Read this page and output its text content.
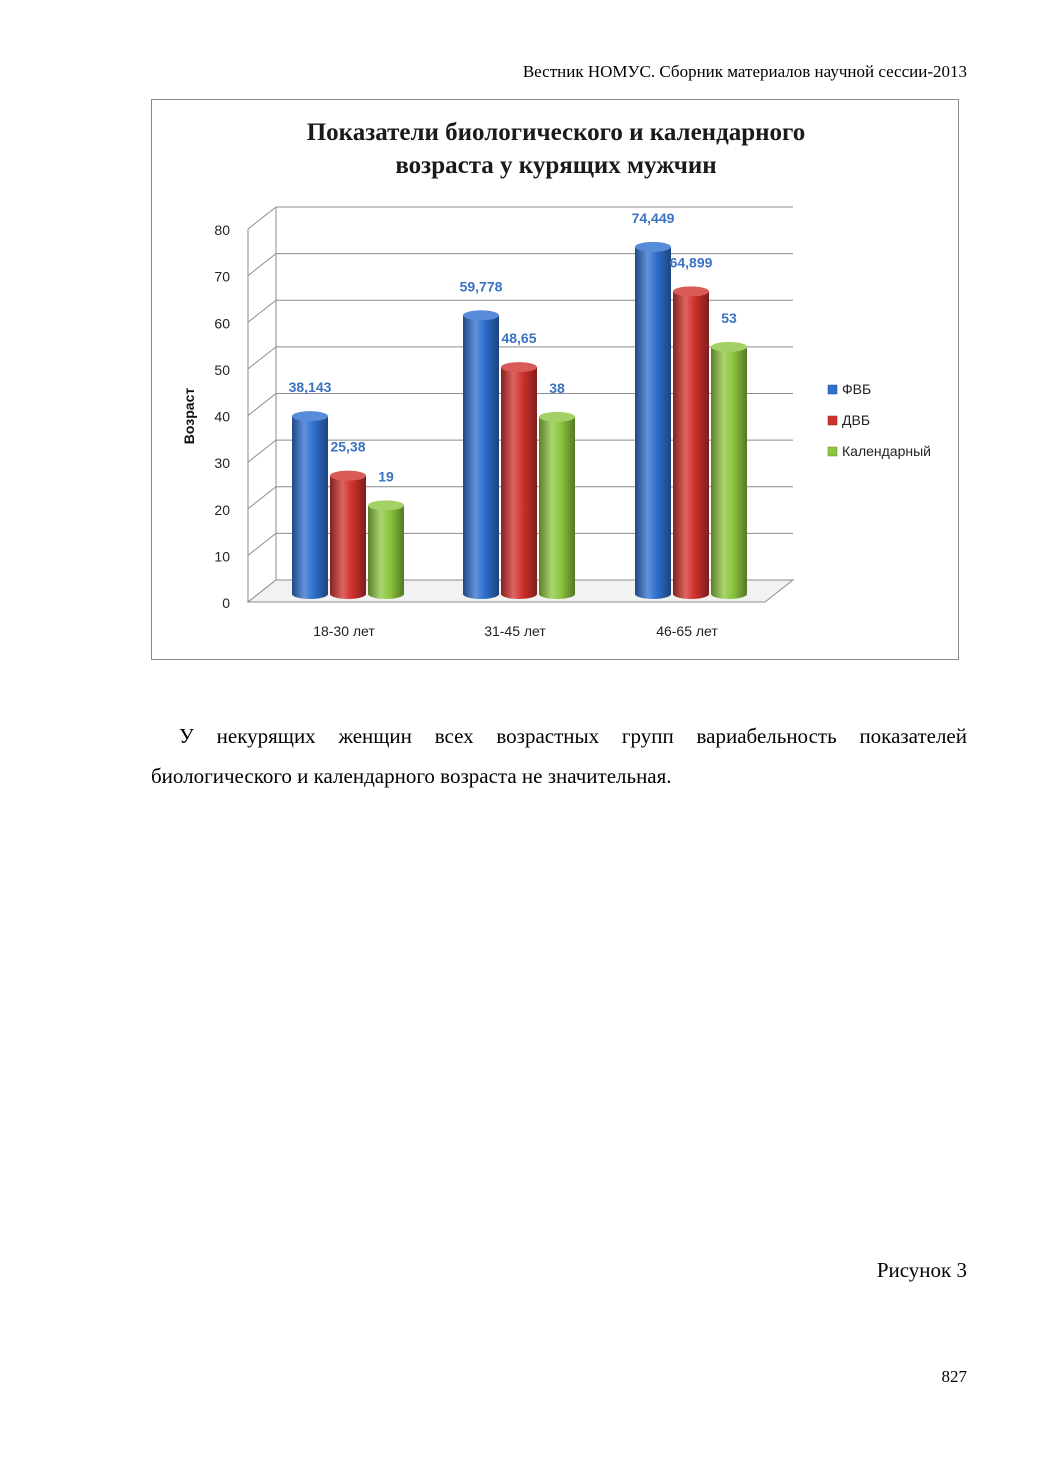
Вестник НОМУС. Сборник материалов научной сессии-2013
0
10
20
30
40
50
60
70
80
Возраст
38,143
25,38
19
18-30 лет
59,778
48,65
38
31-45 лет
74,449
64,899
53
46-65 лет
ФВБ
ДВБ
Календарный
Показатели биологического и календарного
возраста у курящих мужчин

У некурящих женщин всех возрастных групп вариабельность показателей биологического и календарного возраста не значительная.

Рисунок 3
827
